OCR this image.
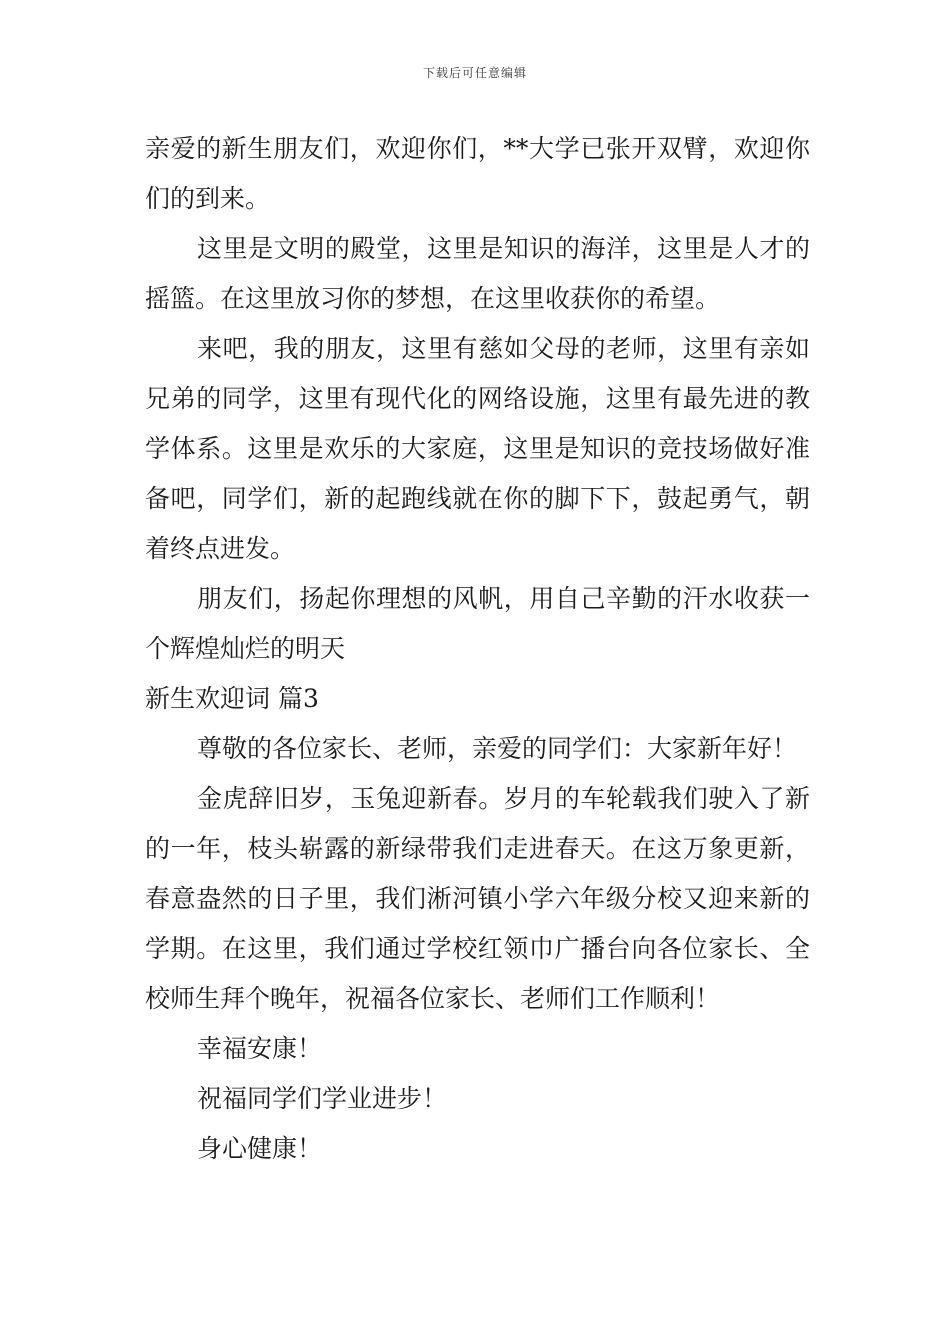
下载后可任意编辑

亲爱的新生朋友们，欢迎你们，**大学已张开双臂，欢迎你们的到来。

这里是文明的殿堂，这里是知识的海洋，这里是人才的摇篮。在这里放习你的梦想，在这里收获你的希望。

来吧，我的朋友，这里有慈如父母的老师，这里有亲如兄弟的同学，这里有现代化的网络设施，这里有最先进的教学体系。这里是欢乐的大家庭，这里是知识的竞技场做好准备吧，同学们，新的起跑线就在你的脚下下，鼓起勇气，朝着终点进发。

朋友们，扬起你理想的风帆，用自己辛勤的汗水收获一个辉煌灿烂的明天

新生欢迎词 篇3

尊敬的各位家长、老师，亲爱的同学们：大家新年好！

金虎辞旧岁，玉兔迎新春。岁月的车轮载我们驶入了新的一年，枝头崭露的新绿带我们走进春天。在这万象更新，春意盎然的日子里，我们淅河镇小学六年级分校又迎来新的学期。在这里，我们通过学校红领巾广播台向各位家长、全校师生拜个晚年，祝福各位家长、老师们工作顺利！

幸福安康！

祝福同学们学业进步！

身心健康！
